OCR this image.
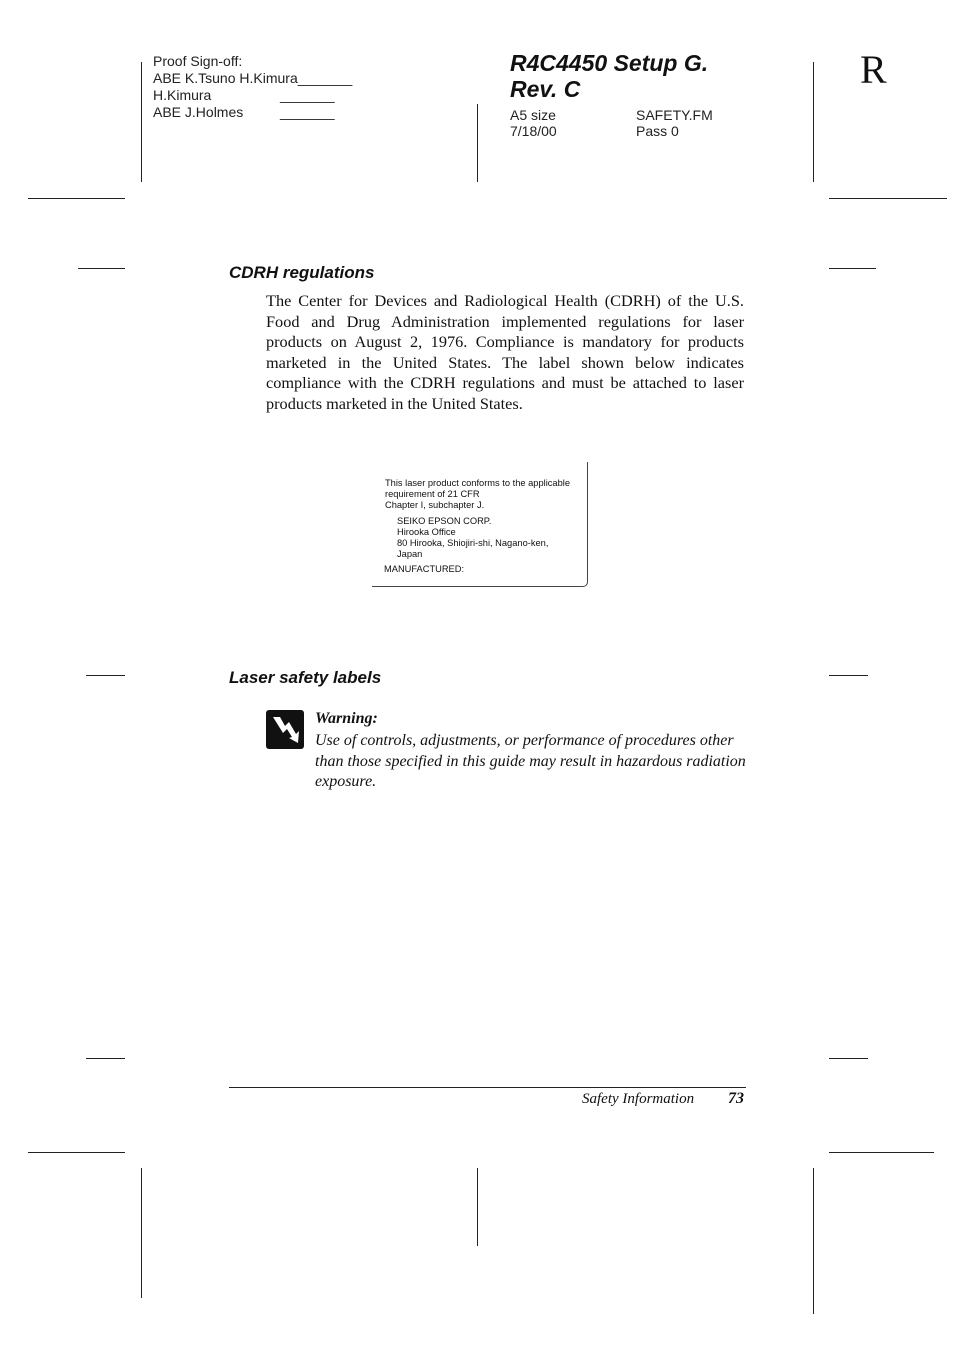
Proof Sign-off:
ABE K.Tsuno H.Kimura_______
H.Kimura	_______
ABE J.Holmes	_______
R4C4450 Setup G.
Rev. C
A5 size
7/18/00
SAFETY.FM
Pass 0
R
CDRH regulations
The Center for Devices and Radiological Health (CDRH) of the U.S. Food and Drug Administration implemented regulations for laser products on August 2, 1976. Compliance is mandatory for products marketed in the United States. The label shown below indicates compliance with the CDRH regulations and must be attached to laser products marketed in the United States.
This laser product conforms to the applicable
requirement of 21 CFR
Chapter I, subchapter J.
SEIKO EPSON CORP.
Hirooka Office
80 Hirooka, Shiojiri-shi, Nagano-ken,
Japan
MANUFACTURED:
Laser safety labels
Warning:
Use of controls, adjustments, or performance of procedures other than those specified in this guide may result in hazardous radiation exposure.
Safety Information 73
